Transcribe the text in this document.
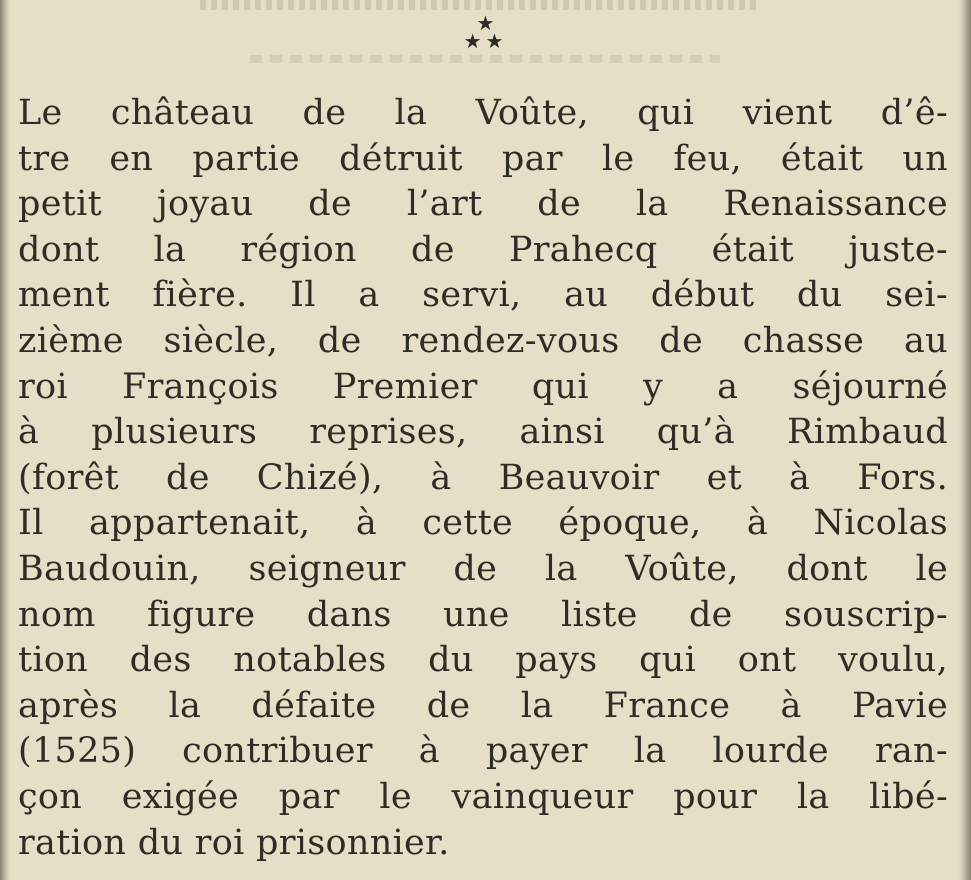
★
★★

Le château de la Voûte, qui vient d’ê-
tre en partie détruit par le feu, était un
petit joyau de l’art de la Renaissance
dont la région de Prahecq était juste-
ment fière. Il a servi, au début du sei-
zième siècle, de rendez-vous de chasse au
roi François Premier qui y a séjourné
à plusieurs reprises, ainsi qu’à Rimbaud
(forêt de Chizé), à Beauvoir et à Fors.
Il appartenait, à cette époque, à Nicolas
Baudouin, seigneur de la Voûte, dont le
nom figure dans une liste de souscrip-
tion des notables du pays qui ont voulu,
après la défaite de la France à Pavie
(1525) contribuer à payer la lourde ran-
çon exigée par le vainqueur pour la libé-
ration du roi prisonnier.
